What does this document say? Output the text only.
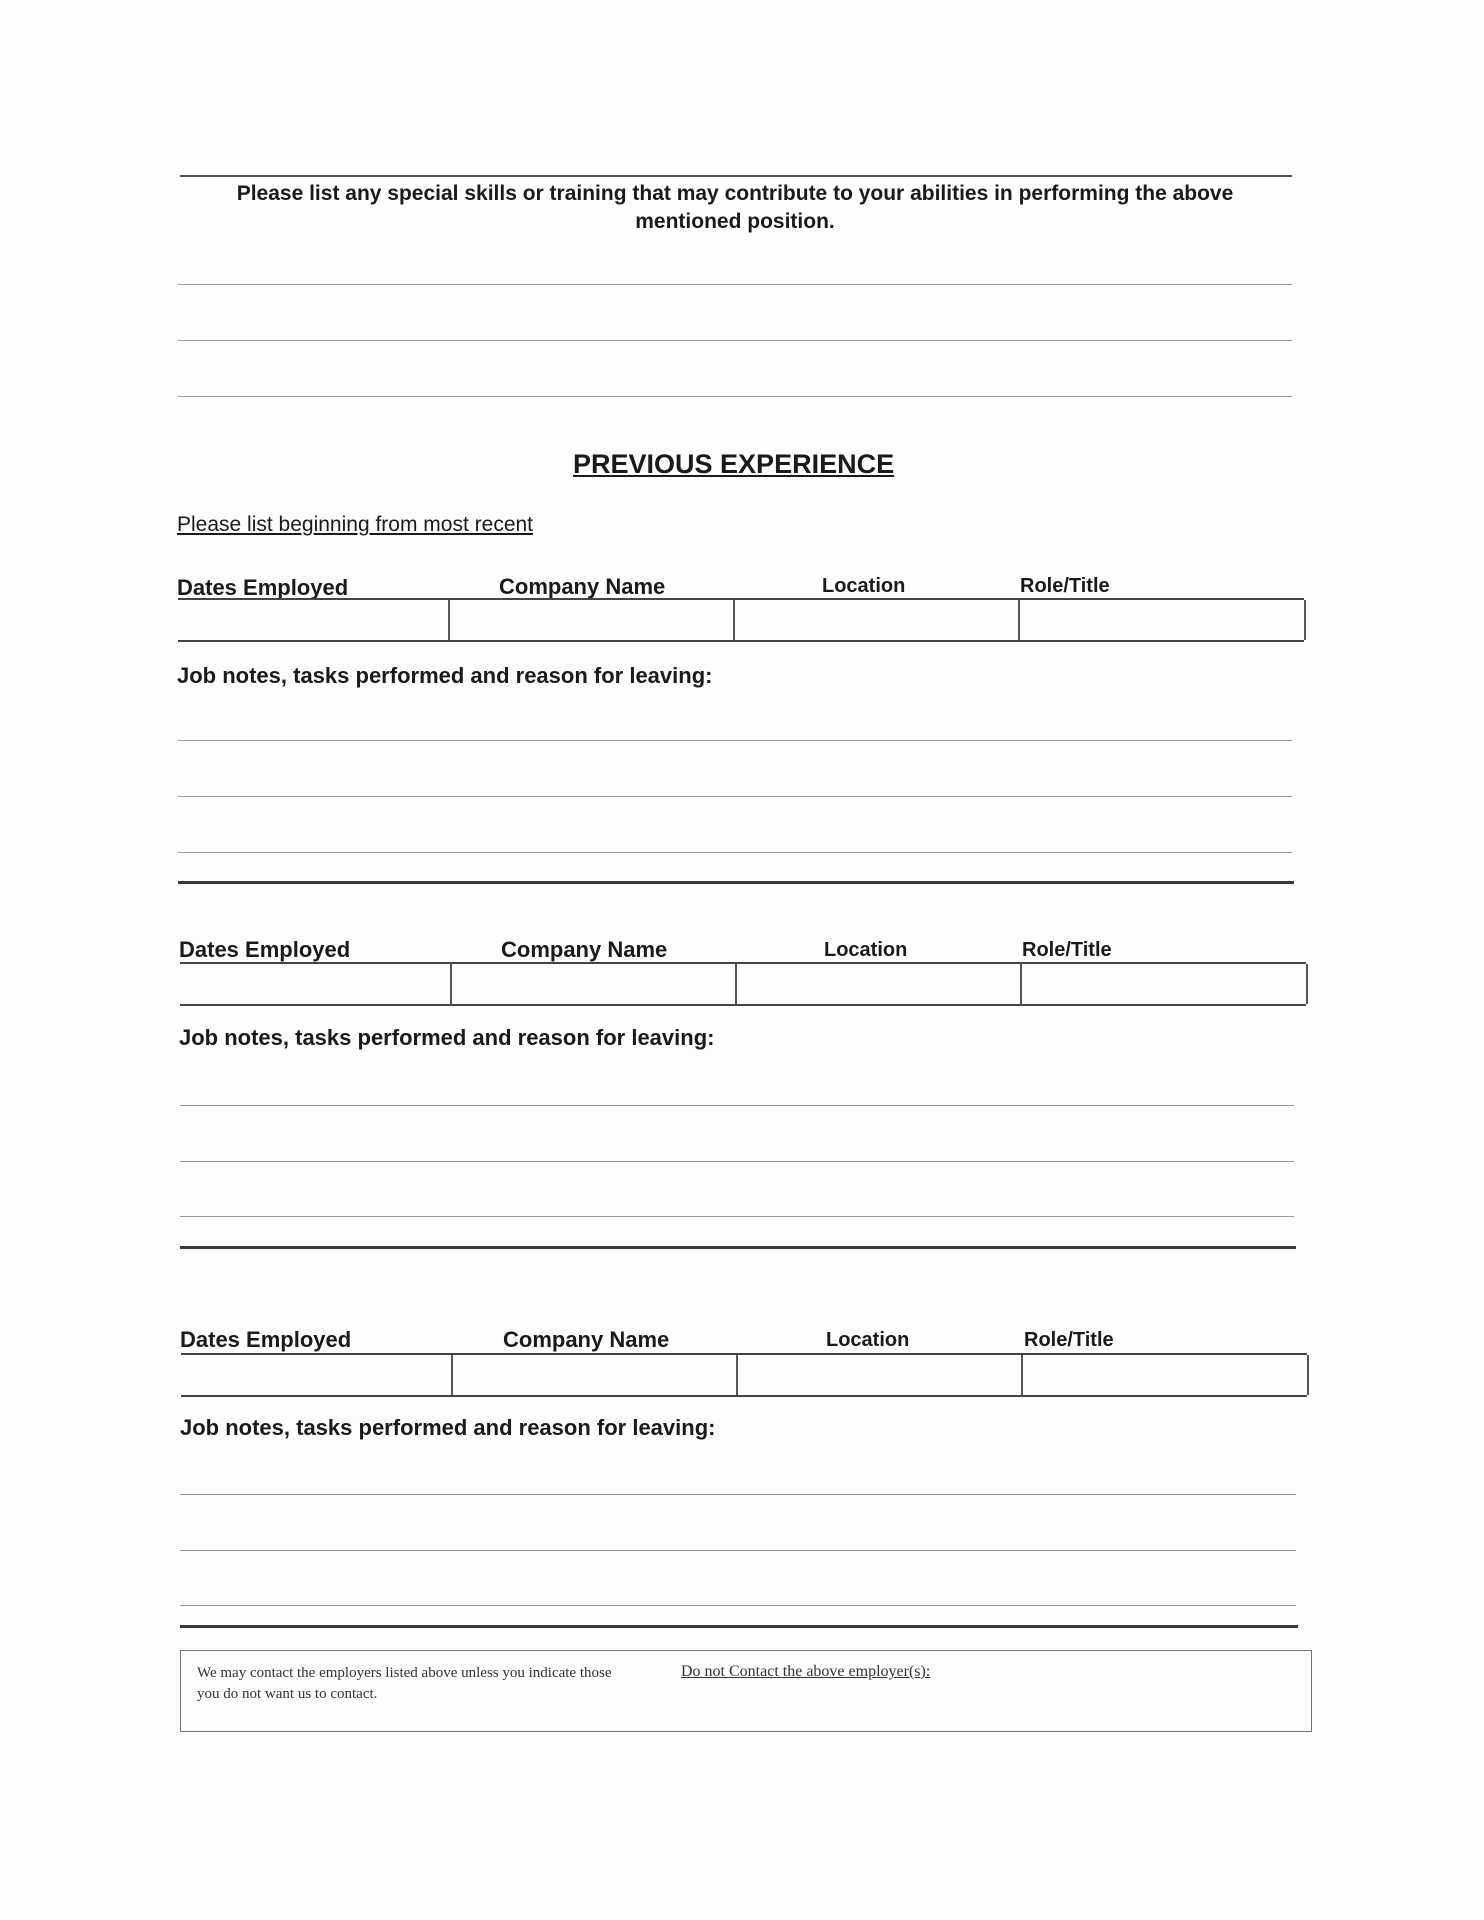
Please list any special skills or training that may contribute to your abilities in performing the above
mentioned position.
PREVIOUS EXPERIENCE
Please list beginning from most recent
Dates Employed	Company Name	Location	Role/Title
Job notes, tasks performed and reason for leaving:
Dates Employed	Company Name	Location	Role/Title
Job notes, tasks performed and reason for leaving:
Dates Employed	Company Name	Location	Role/Title
Job notes, tasks performed and reason for leaving:
We may contact the employers listed above unless you indicate those you do not want us to contact.
Do not Contact the above employer(s):
